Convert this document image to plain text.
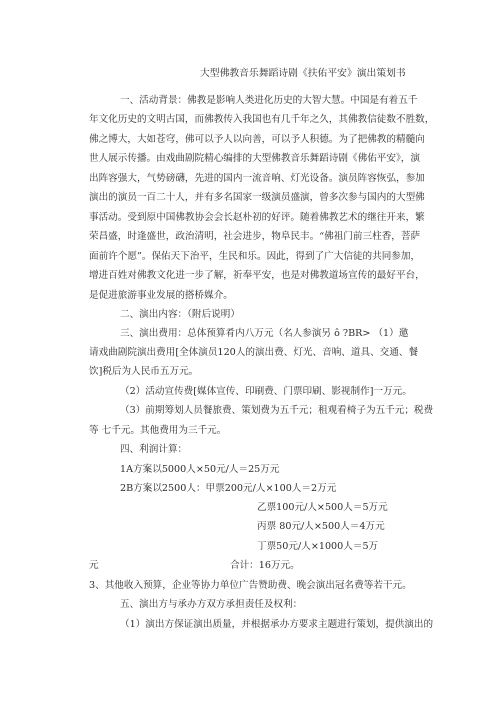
大型佛教音乐舞蹈诗剧《扶佑平安》演出策划书
一、活动背景：佛教是影响人类进化历史的大智大慧。中国是有着五千
年文化历史的文明古国，而佛教传入我国也有几千年之久，其佛教信徒数不胜数，
佛之博大，大如苍穹，佛可以予人以向善，可以予人积德。为了把佛教的精髓向
世人展示传播。由戏曲剧院精心编排的大型佛教音乐舞蹈诗剧《佛佑平安》，演
出阵容强大，气势磅礴，先进的国内一流音响、灯光设备。演员阵容恢弘，参加
演出的演员一百二十人，并有多名国家一级演员盛演，曾多次参与国内的大型佛
事活动。受到原中国佛教协会会长赵朴初的好评。随着佛教艺术的继往开来，繁
荣昌盛，时逢盛世，政治清明，社会进步，物阜民丰。“佛祖门前三柱香，菩萨
面前许个愿”。保佑天下治平，生民和乐。因此，得到了广大信徒的共同参加，
增进百姓对佛教文化进一步了解，祈奉平安，也是对佛教道场宣传的最好平台，
是促进旅游事业发展的搭桥媒介。
二、演出内容：（附后说明）
三、演出费用：总体预算肴内八万元（名人参演另 ô ?BR> （1）邀
请戏曲剧院演出费用[全体演员120人的演出费、灯光、音响、道具、交通、餐
饮]税后为人民币五万元。
（2）活动宣传费[媒体宣传、印刷费、门票印刷、影视制作]一万元。
（3）前期筹划人员餐旅费、策划费为五千元；租观看椅子为五千元；税费
等 七千元。其他费用为三千元。
四、利润计算：
1A方案以5000人×50元/人＝25万元
2B方案以2500人：甲票200元/人×100人＝2万元
乙票100元/人×500人＝5万元
丙票 80元/人×500人＝4万元
丁票50元/人×1000人＝5万
元	合计：16万元。
3、其他收入预算，企业等协力单位广告赞助费、晚会演出冠名费等若干元。
五、演出方与承办方双方承担责任及权利：
（1）演出方保证演出质量，并根据承办方要求主题进行策划，提供演出的
